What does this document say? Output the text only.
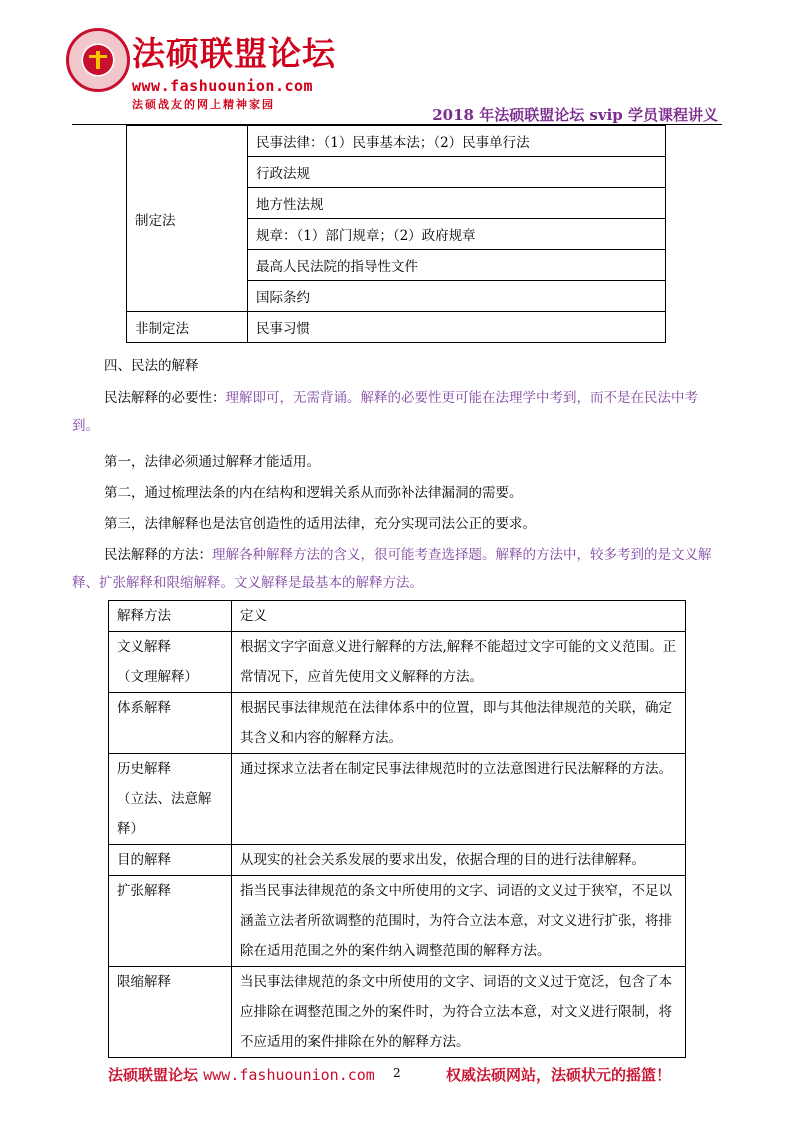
法硕联盟论坛
www.fashuounion.com
法硕战友的网上精神家园
2018 年法硕联盟论坛 svip 学员课程讲义
制定法	民事法律：（1）民事基本法；（2）民事单行法
	行政法规
	地方性法规
	规章：（1）部门规章；（2）政府规章
	最高人民法院的指导性文件
	国际条约
非制定法	民事习惯
四、民法的解释
民法解释的必要性：理解即可，无需背诵。解释的必要性更可能在法理学中考到，而不是在民法中考到。
第一，法律必须通过解释才能适用。
第二，通过梳理法条的内在结构和逻辑关系从而弥补法律漏洞的需要。
第三，法律解释也是法官创造性的适用法律，充分实现司法公正的要求。
民法解释的方法：理解各种解释方法的含义，很可能考查选择题。解释的方法中，较多考到的是文义解释、扩张解释和限缩解释。文义解释是最基本的解释方法。
解释方法	定义

文义解释
（文理解释）	根据文字字面意义进行解释的方法,解释不能超过文字可能的文义范围。正常情况下，应首先使用文义解释的方法。
体系解释	根据民事法律规范在法律体系中的位置，即与其他法律规范的关联，确定其含义和内容的解释方法。

历史解释
（立法、法意解释）	通过探求立法者在制定民事法律规范时的立法意图进行民法解释的方法。
目的解释	从现实的社会关系发展的要求出发，依据合理的目的进行法律解释。
扩张解释	指当民事法律规范的条文中所使用的文字、词语的文义过于狭窄，不足以涵盖立法者所欲调整的范围时，为符合立法本意，对文义进行扩张，将排除在适用范围之外的案件纳入调整范围的解释方法。
限缩解释	当民事法律规范的条文中所使用的文字、词语的文义过于宽泛，包含了本应排除在调整范围之外的案件时，为符合立法本意，对文义进行限制，将不应适用的案件排除在外的解释方法。
法硕联盟论坛 www.fashuounion.com 2	权威法硕网站，法硕状元的摇篮！
